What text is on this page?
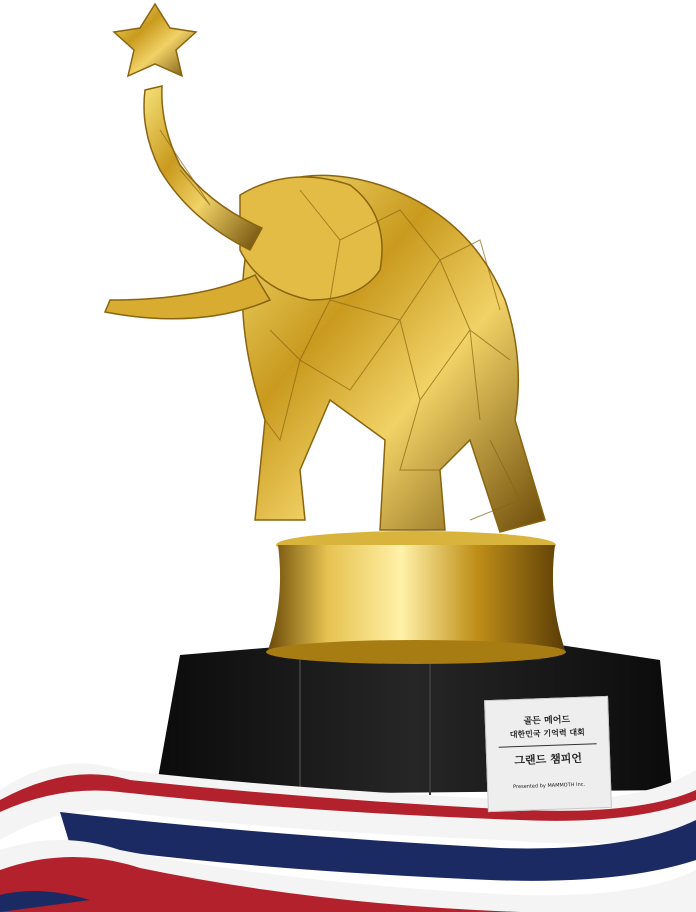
골든 메어드
대한민국 기억력 대회
그랜드 챔피언
Presented by MAMMOTH Inc.
